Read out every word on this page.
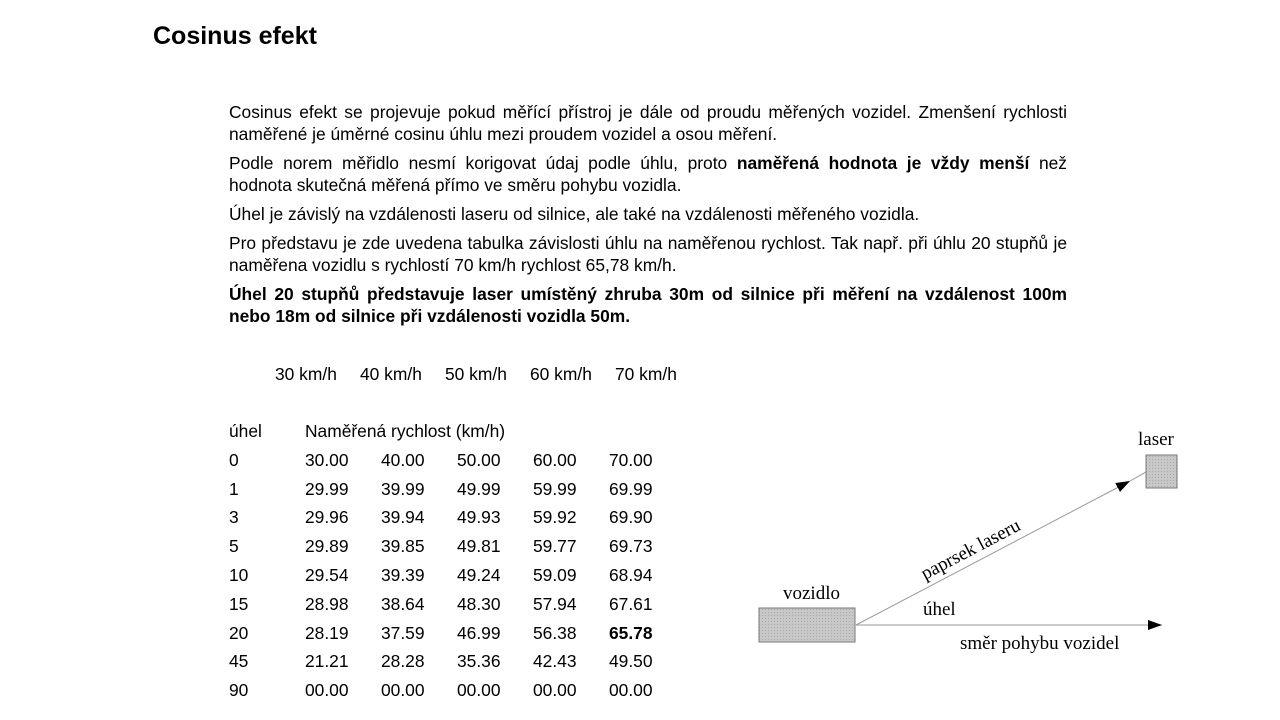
Cosinus efekt

Cosinus efekt se projevuje pokud měřící přístroj je dále od proudu měřených vozidel. Zmenšení rychlosti naměřené je úměrné cosinu úhlu mezi proudem vozidel a osou měření.

Podle norem měřidlo nesmí korigovat údaj podle úhlu, proto naměřená hodnota je vždy menší než hodnota skutečná měřená přímo ve směru pohybu vozidla.

Úhel je závislý na vzdálenosti laseru od silnice, ale také na vzdálenosti měřeného vozidla.

Pro představu je zde uvedena tabulka závislosti úhlu na naměřenou rychlost. Tak např. při úhlu 20 stupňů je naměřena vozidlu s rychlostí 70 km/h rychlost 65,78 km/h.

Úhel 20 stupňů představuje laser umístěný zhruba 30m od silnice při měření na vzdálenost 100m nebo 18m od silnice při vzdálenosti vozidla 50m.

30 km/h 40 km/h 50 km/h 60 km/h 70 km/h
úhel Naměřená rychlost (km/h)
0	30.00 40.00 50.00 60.00 70.00
1	29.99 39.99 49.99 59.99 69.99
3	29.96 39.94 49.93 59.92 69.90
5	29.89 39.85 49.81 59.77 69.73
10	29.54 39.39 49.24 59.09 68.94
15	28.98 38.64 48.30 57.94 67.61
20	28.19 37.59 46.99 56.38 65.78
45	21.21 28.28 35.36 42.43 49.50
90	00.00 00.00 00.00 00.00 00.00
laser
vozidlo
paprsek laseru
úhel
směr pohybu vozidel
